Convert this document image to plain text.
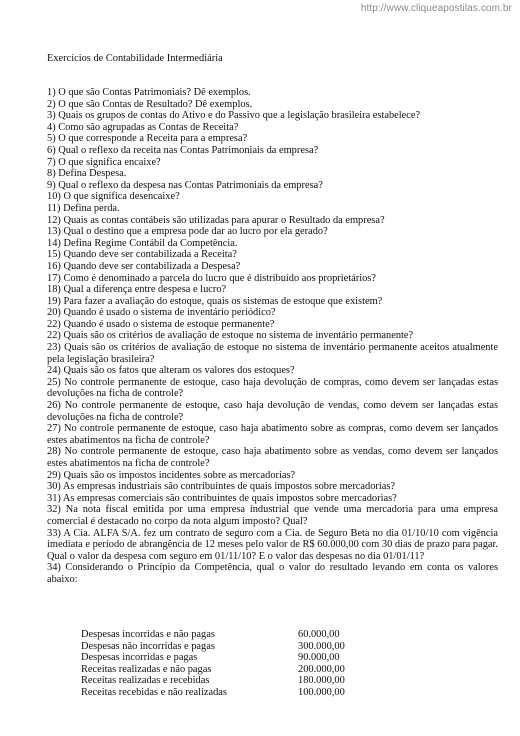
http://www.cliqueapostilas.com.br
Exercícios de Contabilidade Intermediária
1) O que são Contas Patrimoniais? Dê exemplos.
2) O que são Contas de Resultado? Dê exemplos.
3) Quais os grupos de contas do Ativo e do Passivo que a legislação brasileira estabelece?
4) Como são agrupadas as Contas de Receita?
5) O que corresponde a Receita para a empresa?
6) Qual o reflexo da receita nas Contas Patrimoniais da empresa?
7) O que significa encaixe?
8) Defina Despesa.
9) Qual o reflexo da despesa nas Contas Patrimoniais da empresa?
10) O que significa desencaixe?
11) Defina perda.
12) Quais as contas contábeis são utilizadas para apurar o Resultado da empresa?
13) Qual o destino que a empresa pode dar ao lucro por ela gerado?
14) Defina Regime Contábil da Competência.
15) Quando deve ser contabilizada a Receita?
16) Quando deve ser contabilizada a Despesa?
17) Como é denominado a parcela do lucro que é distribuído aos proprietários?
18) Qual a diferença entre despesa e lucro?
19) Para fazer a avaliação do estoque, quais os sistemas de estoque que existem?
20) Quando é usado o sistema de inventário periódico?
22) Quando é usado o sistema de estoque permanente?
22) Quais são os critérios de avaliação de estoque no sistema de inventário permanente?
23) Quais são os critérios de avaliação de estoque no sistema de inventário permanente aceitos atualmente pela legislação brasileira?
24) Quais são os fatos que alteram os valores dos estoques?
25) No controle permanente de estoque, caso haja devolução de compras, como devem ser lançadas estas devoluções na ficha de controle?
26) No controle permanente de estoque, caso haja devolução de vendas, como devem ser lançadas estas devoluções na ficha de controle?
27) No controle permanente de estoque, caso haja abatimento sobre as compras, como devem ser lançados estes abatimentos na ficha de controle?
28) No controle permanente de estoque, caso haja abatimento sobre as vendas, como devem ser lançados estes abatimentos na ficha de controle?
29) Quais são os impostos incidentes sobre as mercadorias?
30) As empresas industriais são contribuintes de quais impostos sobre mercadorias?
31) As empresas comerciais são contribuintes de quais impostos sobre mercadorias?
32) Na nota fiscal emitida por uma empresa industrial que vende uma mercadoria para uma empresa comercial é destacado no corpo da nota algum imposto? Qual?
33) A Cia. ALFA S/A. fez um contrato de seguro com a Cia. de Seguro Beta no dia 01/10/10 com vigência imediata e período de abrangência de 12 meses pelo valor de R$ 60.000,00 com 30 dias de prazo para pagar. Qual o valor da despesa com seguro em 01/11/10? E o valor das despesas no dia 01/01/11?
34) Considerando o Princípio da Competência, qual o valor do resultado levando em conta os valores abaixo:
Despesas incorridas e não pagas	60.000,00
Despesas não incorridas e pagas	300.000,00
Despesas incorridas e pagas	90.000,00
Receitas realizadas e não pagas	200.000,00
Receitas realizadas e recebidas	180.000,00
Receitas recebidas e não realizadas	100.000,00
